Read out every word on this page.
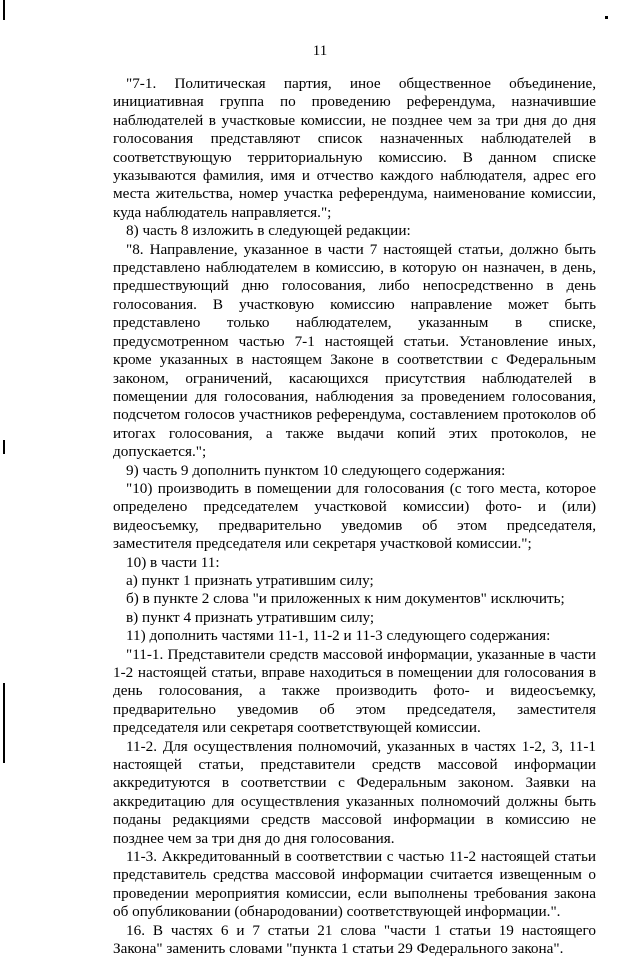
11

"7-1. Политическая партия, иное общественное объединение, инициативная группа по проведению референдума, назначившие наблюдателей в участковые комиссии, не позднее чем за три дня до дня голосования представляют список назначенных наблюдателей в соответствующую территориальную комиссию. В данном списке указываются фамилия, имя и отчество каждого наблюдателя, адрес его места жительства, номер участка референдума, наименование комиссии, куда наблюдатель направляется.";

8) часть 8 изложить в следующей редакции:

"8. Направление, указанное в части 7 настоящей статьи, должно быть представлено наблюдателем в комиссию, в которую он назначен, в день, предшествующий дню голосования, либо непосредственно в день голосования. В участковую комиссию направление может быть представлено только наблюдателем, указанным в списке, предусмотренном частью 7-1 настоящей статьи. Установление иных, кроме указанных в настоящем Законе в соответствии с Федеральным законом, ограничений, касающихся присутствия наблюдателей в помещении для голосования, наблюдения за проведением голосования, подсчетом голосов участников референдума, составлением протоколов об итогах голосования, а также выдачи копий этих протоколов, не допускается.";

9) часть 9 дополнить пунктом 10 следующего содержания:

"10) производить в помещении для голосования (с того места, которое определено председателем участковой комиссии) фото- и (или) видеосъемку, предварительно уведомив об этом председателя, заместителя председателя или секретаря участковой комиссии.";

10) в части 11:

а) пункт 1 признать утратившим силу;

б) в пункте 2 слова "и приложенных к ним документов" исключить;

в) пункт 4 признать утратившим силу;

11) дополнить частями 11-1, 11-2 и 11-3 следующего содержания:

"11-1. Представители средств массовой информации, указанные в части 1-2 настоящей статьи, вправе находиться в помещении для голосования в день голосования, а также производить фото- и видеосъемку, предварительно уведомив об этом председателя, заместителя председателя или секретаря соответствующей комиссии.

11-2. Для осуществления полномочий, указанных в частях 1-2, 3, 11-1 настоящей статьи, представители средств массовой информации аккредитуются в соответствии с Федеральным законом. Заявки на аккредитацию для осуществления указанных полномочий должны быть поданы редакциями средств массовой информации в комиссию не позднее чем за три дня до дня голосования.

11-3. Аккредитованный в соответствии с частью 11-2 настоящей статьи представитель средства массовой информации считается извещенным о проведении мероприятия комиссии, если выполнены требования закона об опубликовании (обнародовании) соответствующей информации.".

16. В частях 6 и 7 статьи 21 слова "части 1 статьи 19 настоящего Закона" заменить словами "пункта 1 статьи 29 Федерального закона".
